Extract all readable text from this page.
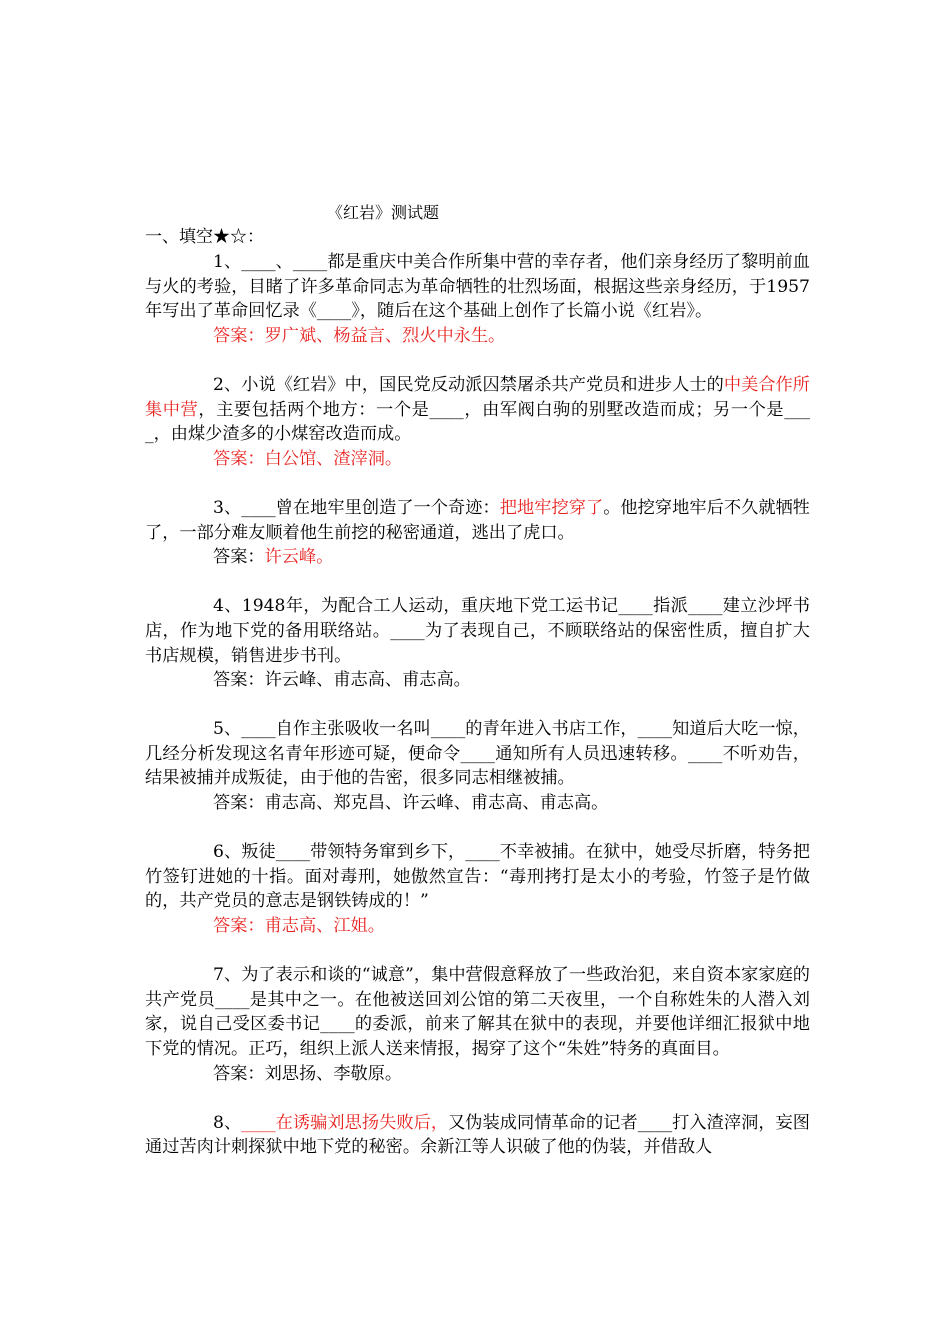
《红岩》测试题
一、填空★☆：

1、____、____都是重庆中美合作所集中营的幸存者，他们亲身经历了黎明前血与火的考验，目睹了许多革命同志为革命牺牲的壮烈场面，根据这些亲身经历，于1957年写出了革命回忆录《____》，随后在这个基础上创作了长篇小说《红岩》。

答案：罗广斌、杨益言、烈火中永生。

2、小说《红岩》中，国民党反动派囚禁屠杀共产党员和进步人士的中美合作所集中营，主要包括两个地方：一个是____，由军阀白驹的别墅改造而成；另一个是____，由煤少渣多的小煤窑改造而成。

答案：白公馆、渣滓洞。

3、____曾在地牢里创造了一个奇迹：把地牢挖穿了。他挖穿地牢后不久就牺牲了，一部分难友顺着他生前挖的秘密通道，逃出了虎口。

答案：许云峰。

4、1948年，为配合工人运动，重庆地下党工运书记____指派____建立沙坪书店，作为地下党的备用联络站。____为了表现自己，不顾联络站的保密性质，擅自扩大书店规模，销售进步书刊。

答案：许云峰、甫志高、甫志高。

5、____自作主张吸收一名叫____的青年进入书店工作，____知道后大吃一惊，几经分析发现这名青年形迹可疑，便命令____通知所有人员迅速转移。____不听劝告，结果被捕并成叛徒，由于他的告密，很多同志相继被捕。

答案：甫志高、郑克昌、许云峰、甫志高、甫志高。

6、叛徒____带领特务窜到乡下，____不幸被捕。在狱中，她受尽折磨，特务把竹签钉进她的十指。面对毒刑，她傲然宣告：“毒刑拷打是太小的考验，竹签子是竹做的，共产党员的意志是钢铁铸成的！”

答案：甫志高、江姐。

7、为了表示和谈的“诚意”，集中营假意释放了一些政治犯，来自资本家家庭的共产党员____是其中之一。在他被送回刘公馆的第二天夜里，一个自称姓朱的人潜入刘家，说自己受区委书记____的委派，前来了解其在狱中的表现，并要他详细汇报狱中地下党的情况。正巧，组织上派人送来情报，揭穿了这个“朱姓”特务的真面目。

答案：刘思扬、李敬原。

8、____在诱骗刘思扬失败后，又伪装成同情革命的记者____打入渣滓洞，妄图通过苦肉计刺探狱中地下党的秘密。余新江等人识破了他的伪装，并借敌人
